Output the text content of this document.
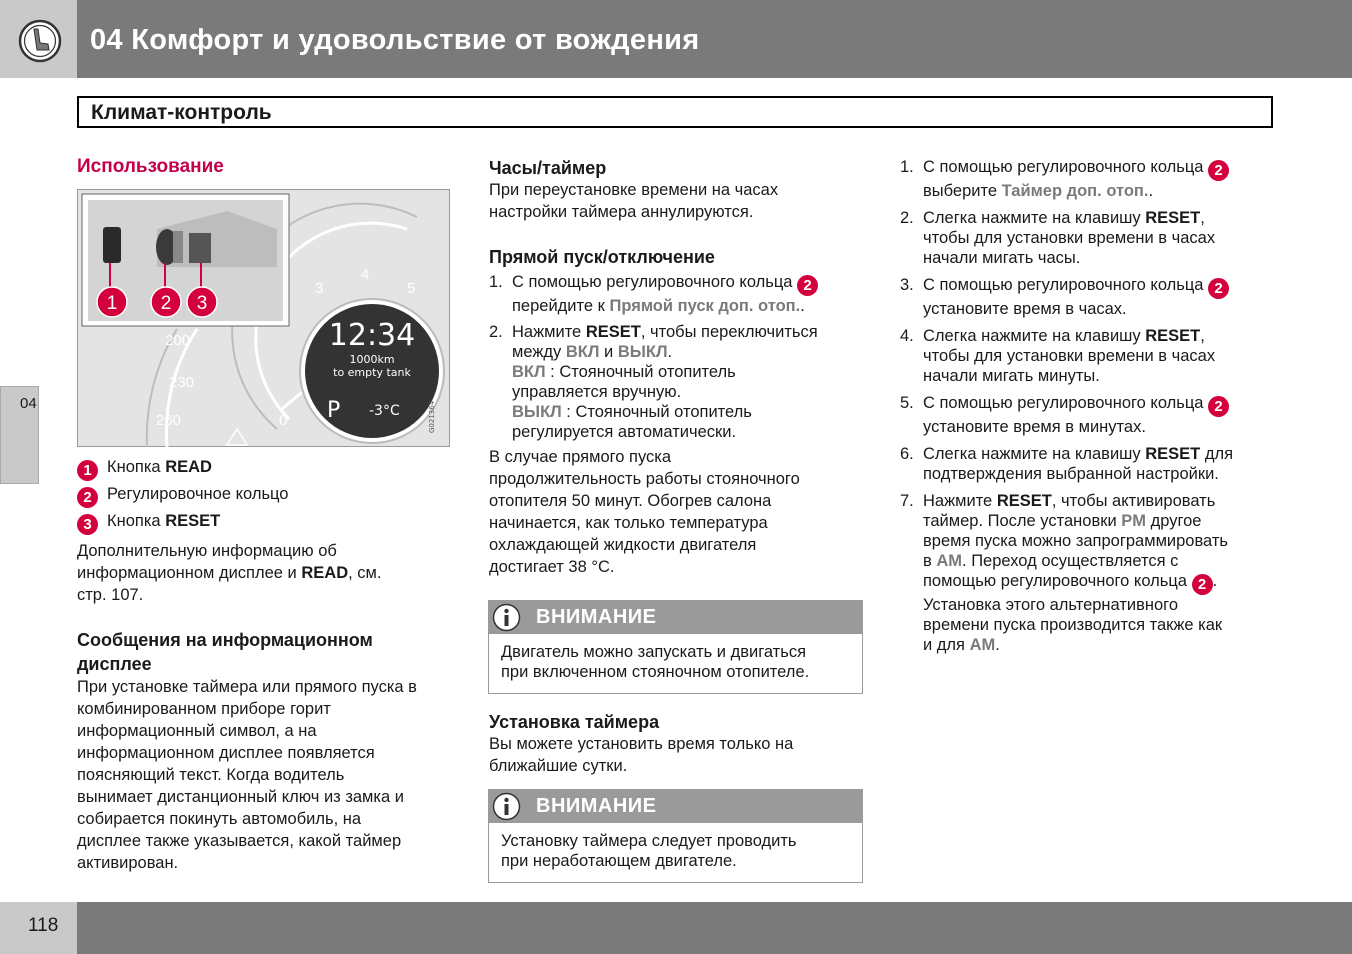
04 Комфорт и удовольствие от вождения
Климат-контроль
04
118
Использование
3
4
5
200
230
260	0
12:34
1000km
to empty tank
P -3°C	G021364
1 2 3
1 Кнопка READ
2 Регулировочное кольцо
3 Кнопка RESET

Дополнительную информацию об

информационном дисплее и READ, см.

стр. 107.

Сообщения на информационном

дисплее

При установке таймера или прямого пуска в

комбинированном приборе горит

информационный символ, а на

информационном дисплее появляется

поясняющий текст. Когда водитель

вынимает дистанционный ключ из замка и

собирается покинуть автомобиль, на

дисплее также указывается, какой таймер

активирован.

Часы/таймер

При переустановке времени на часах

настройки таймера аннулируются.

Прямой пуск/отключение

1. С помощью регулировочного кольца 2

перейдите к Прямой пуск доп. отоп..

2. Нажмите RESET, чтобы переключиться

между ВКЛ и ВЫКЛ.

ВКЛ : Стояночный отопитель

управляется вручную.

ВЫКЛ : Стояночный отопитель

регулируется автоматически.

В случае прямого пуска

продолжительность работы стояночного

отопителя 50 минут. Обогрев салона

начинается, как только температура

охлаждающей жидкости двигателя

достигает 38 °C.

ВНИМАНИЕ

Двигатель можно запускать и двигаться

при включенном стояночном отопителе.

Установка таймера

Вы можете установить время только на

ближайшие сутки.

ВНИМАНИЕ

Установку таймера следует проводить

при неработающем двигателе.

1. С помощью регулировочного кольца 2

выберите Таймер доп. отоп..

2. Слегка нажмите на клавишу RESET,

чтобы для установки времени в часах

начали мигать часы.

3. С помощью регулировочного кольца 2

установите время в часах.

4. Слегка нажмите на клавишу RESET,

чтобы для установки времени в часах

начали мигать минуты.

5. С помощью регулировочного кольца 2

установите время в минутах.

6. Слегка нажмите на клавишу RESET для

подтверждения выбранной настройки.

7. Нажмите RESET, чтобы активировать

таймер. После установки PM другое

время пуска можно запрограммировать

в AM. Переход осуществляется с

помощью регулировочного кольца 2 .

Установка этого альтернативного

времени пуска производится также как

и для AM.
